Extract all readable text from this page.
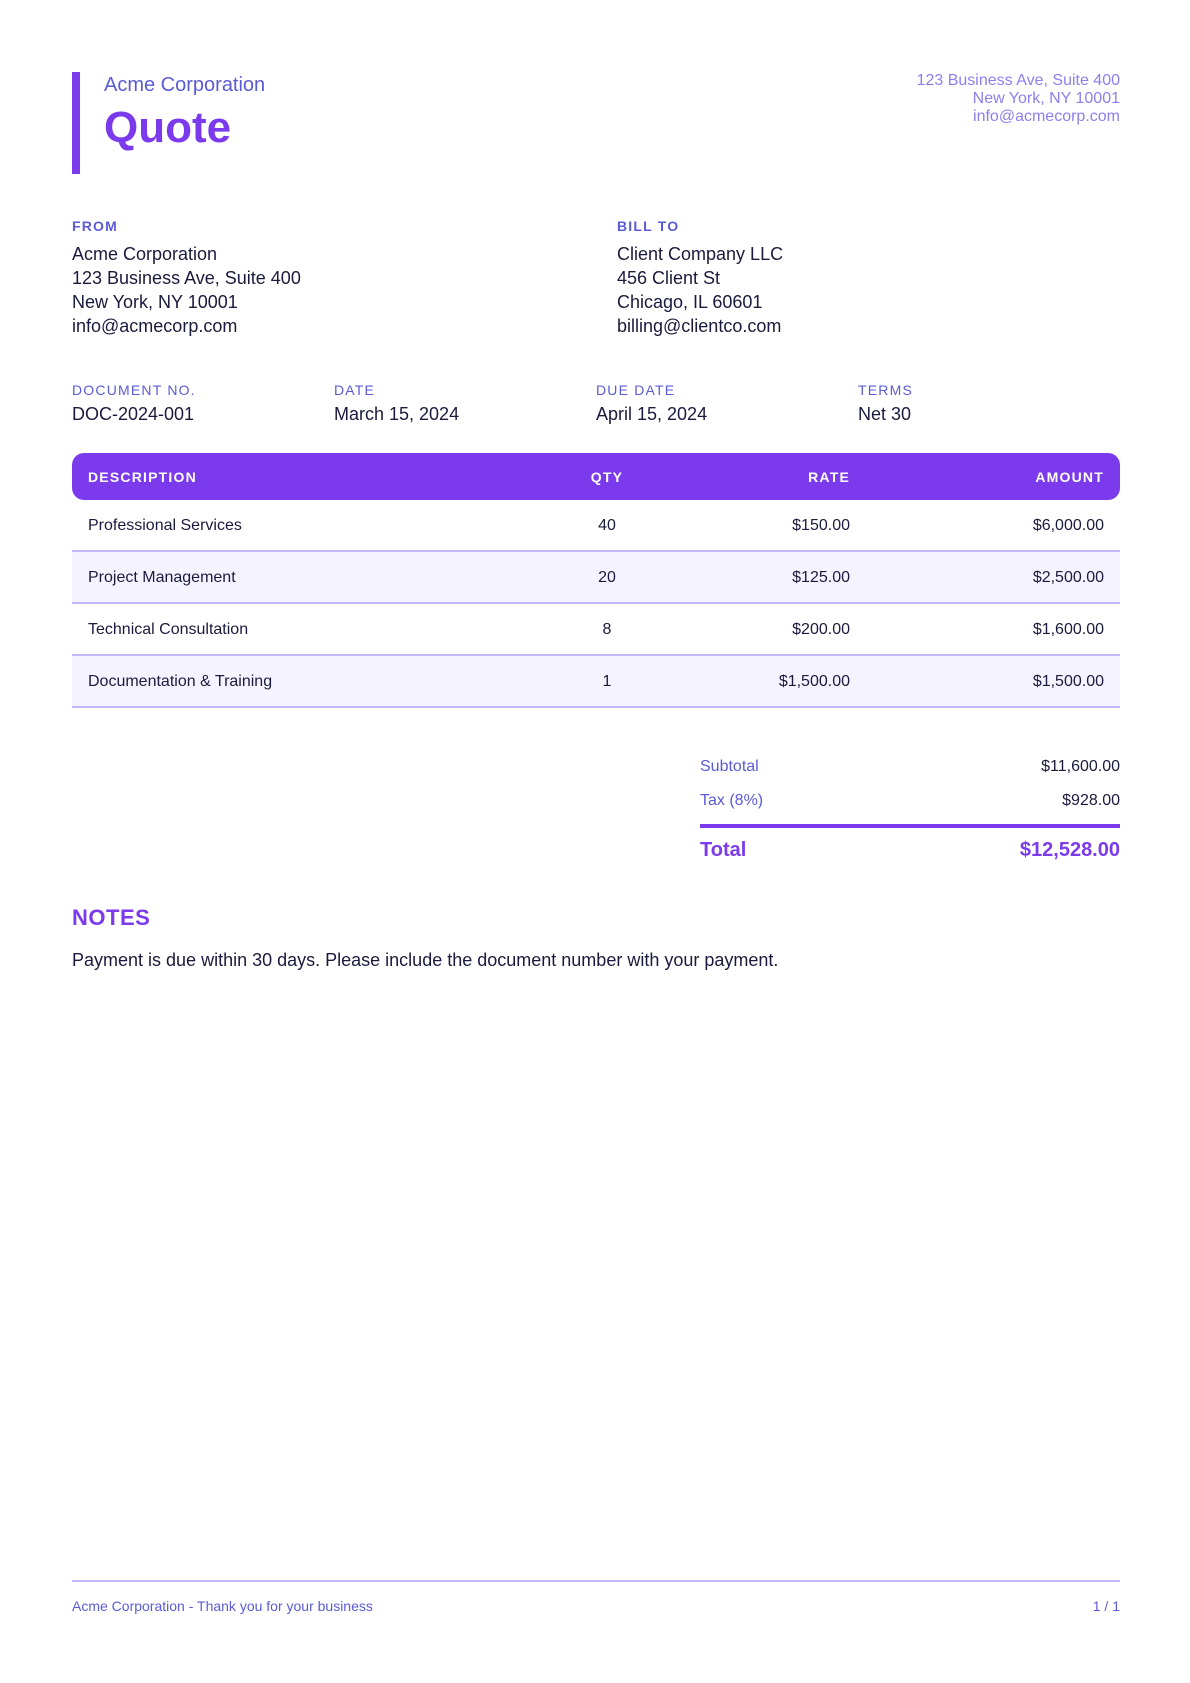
Acme Corporation
Quote
123 Business Ave, Suite 400
New York, NY 10001
info@acmecorp.com
FROM
Acme Corporation
123 Business Ave, Suite 400
New York, NY 10001
info@acmecorp.com
BILL TO
Client Company LLC
456 Client St
Chicago, IL 60601
billing@clientco.com
DOCUMENT NO.
DOC-2024-001
DATE
March 15, 2024
DUE DATE
April 15, 2024
TERMS
Net 30
DESCRIPTION	QTY	RATE	AMOUNT
Professional Services	40	$150.00	$6,000.00
Project Management	20	$125.00	$2,500.00
Technical Consultation	8	$200.00	$1,600.00
Documentation & Training	1	$1,500.00	$1,500.00
Subtotal	$11,600.00
Tax (8%)	$928.00
Total	$12,528.00
NOTES
Payment is due within 30 days. Please include the document number with your payment.
Acme Corporation - Thank you for your business	1 / 1
